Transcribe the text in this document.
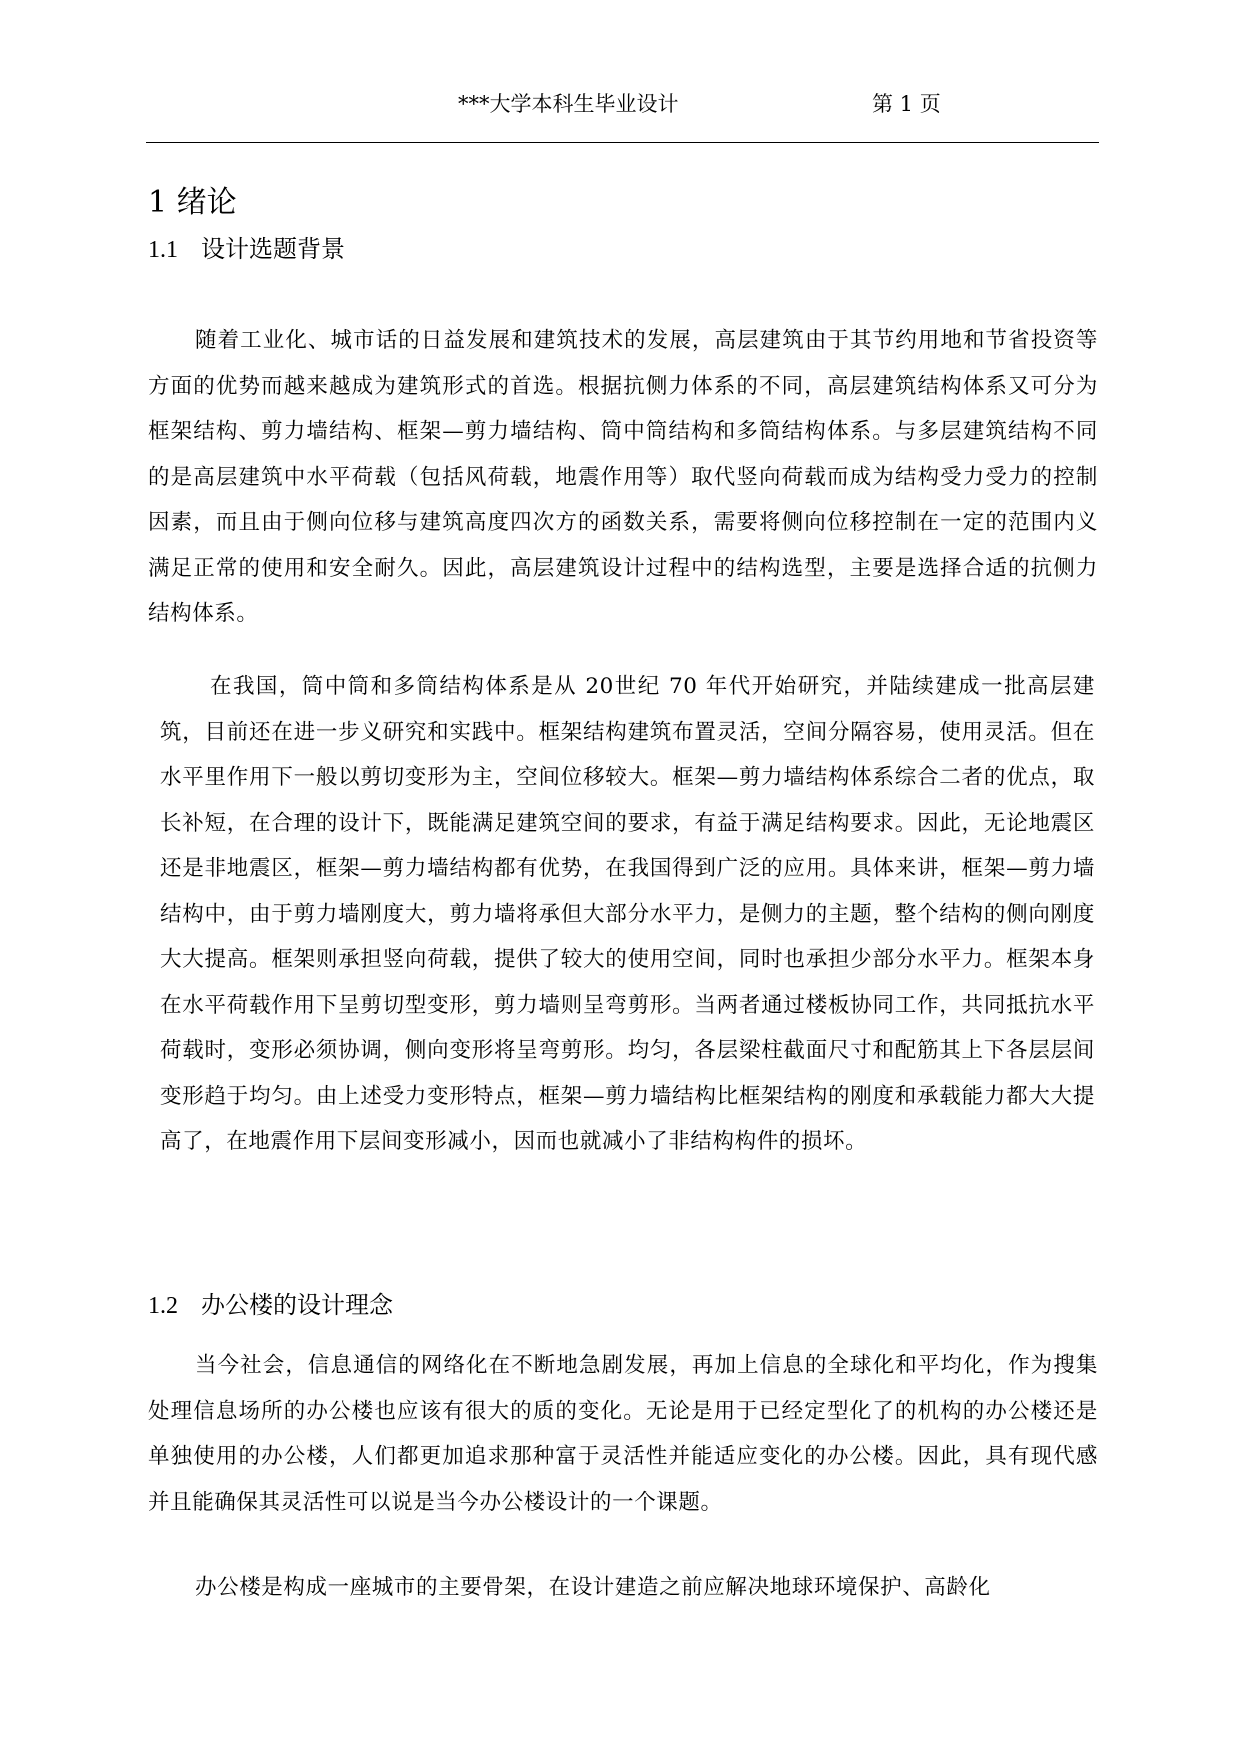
***大学本科生毕业设计	第 1 页
1 绪论
1.1 设计选题背景
随着工业化、城市话的日益发展和建筑技术的发展，高层建筑由于其节约用地和节省投资等方面的优势而越来越成为建筑形式的首选。根据抗侧力体系的不同，高层建筑结构体系又可分为框架结构、剪力墙结构、框架—剪力墙结构、筒中筒结构和多筒结构体系。与多层建筑结构不同的是高层建筑中水平荷载（包括风荷载，地震作用等）取代竖向荷载而成为结构受力受力的控制因素，而且由于侧向位移与建筑高度四次方的函数关系，需要将侧向位移控制在一定的范围内义满足正常的使用和安全耐久。因此，高层建筑设计过程中的结构选型，主要是选择合适的抗侧力结构体系。
在我国，筒中筒和多筒结构体系是从 20世纪 70 年代开始研究，并陆续建成一批高层建筑，目前还在进一步义研究和实践中。框架结构建筑布置灵活，空间分隔容易，使用灵活。但在水平里作用下一般以剪切变形为主，空间位移较大。框架—剪力墙结构体系综合二者的优点，取长补短，在合理的设计下，既能满足建筑空间的要求，有益于满足结构要求。因此，无论地震区还是非地震区，框架—剪力墙结构都有优势，在我国得到广泛的应用。具体来讲，框架—剪力墙结构中，由于剪力墙刚度大，剪力墙将承但大部分水平力，是侧力的主题，整个结构的侧向刚度大大提高。框架则承担竖向荷载，提供了较大的使用空间，同时也承担少部分水平力。框架本身在水平荷载作用下呈剪切型变形，剪力墙则呈弯剪形。当两者通过楼板协同工作，共同抵抗水平荷载时，变形必须协调，侧向变形将呈弯剪形。均匀，各层梁柱截面尺寸和配筋其上下各层层间变形趋于均匀。由上述受力变形特点，框架—剪力墙结构比框架结构的刚度和承载能力都大大提高了，在地震作用下层间变形减小，因而也就减小了非结构构件的损坏。
1.2 办公楼的设计理念
当今社会，信息通信的网络化在不断地急剧发展，再加上信息的全球化和平均化，作为搜集处理信息场所的办公楼也应该有很大的质的变化。无论是用于已经定型化了的机构的办公楼还是单独使用的办公楼，人们都更加追求那种富于灵活性并能适应变化的办公楼。因此，具有现代感并且能确保其灵活性可以说是当今办公楼设计的一个课题。
办公楼是构成一座城市的主要骨架，在设计建造之前应解决地球环境保护、高龄化
